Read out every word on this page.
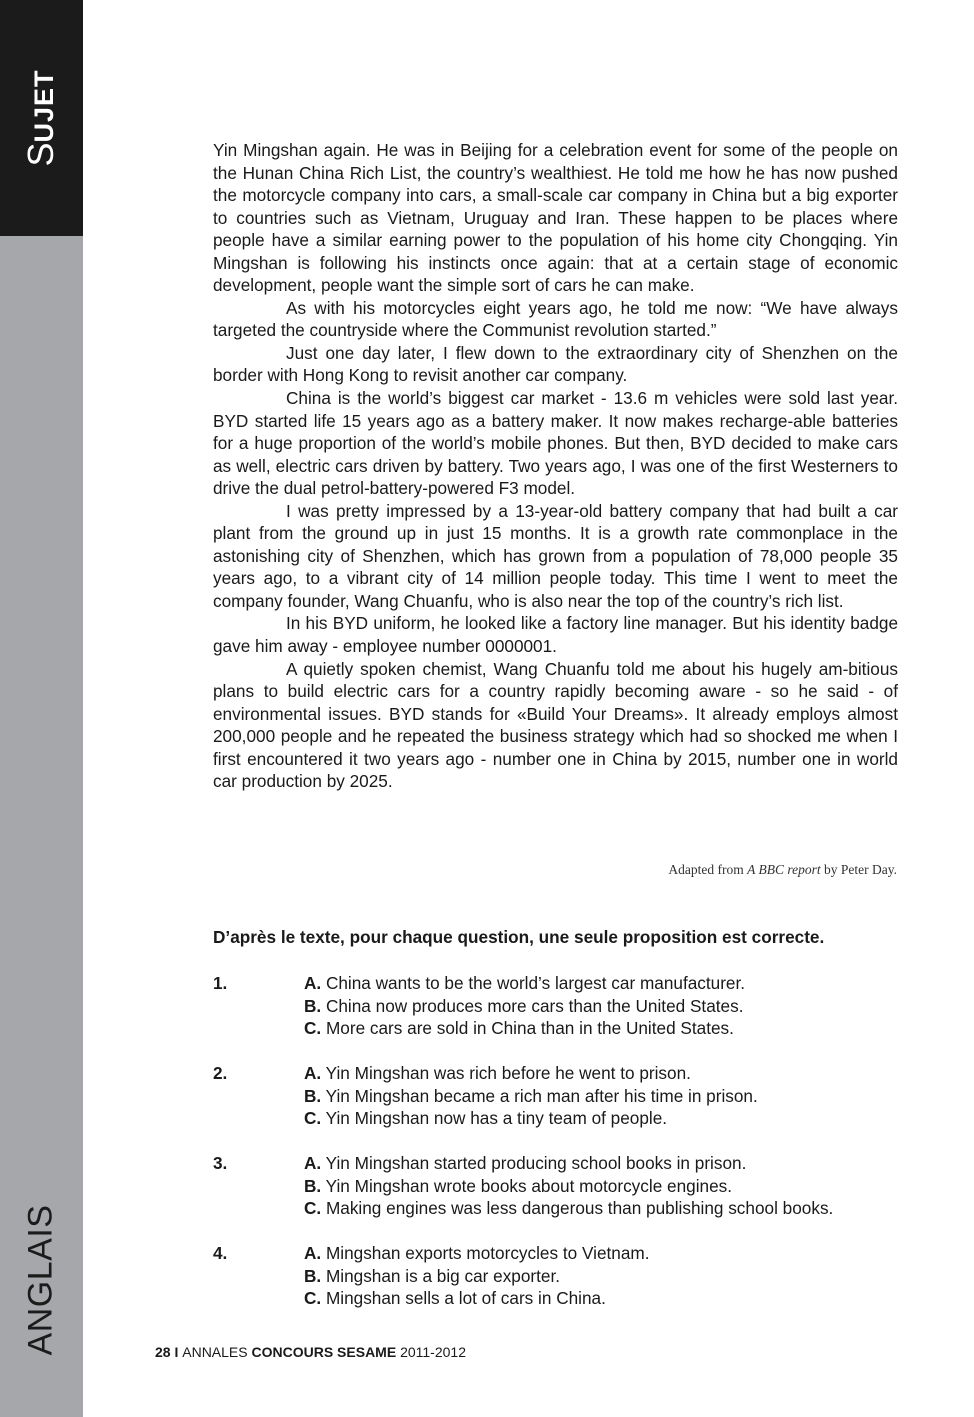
SUJET
ANGLAIS

Yin Mingshan again. He was in Beijing for a celebration event for some of the people on the Hunan China Rich List, the country’s wealthiest. He told me how he has now pushed the motorcycle company into cars, a small-scale car company in China but a big exporter to countries such as Vietnam, Uruguay and Iran. These happen to be places where people have a similar earning power to the population of his home city Chongqing. Yin Mingshan is following his instincts once again: that at a certain stage of economic development, people want the simple sort of cars he can make.

As with his motorcycles eight years ago, he told me now: “We have always targeted the countryside where the Communist revolution started.”

Just one day later, I flew down to the extraordinary city of Shenzhen on the border with Hong Kong to revisit another car company.

China is the world’s biggest car market - 13.6 m vehicles were sold last year. BYD started life 15 years ago as a battery maker. It now makes recharge-able batteries for a huge proportion of the world’s mobile phones. But then, BYD decided to make cars as well, electric cars driven by battery. Two years ago, I was one of the first Westerners to drive the dual petrol-battery-powered F3 model.

I was pretty impressed by a 13-year-old battery company that had built a car plant from the ground up in just 15 months. It is a growth rate commonplace in the astonishing city of Shenzhen, which has grown from a population of 78,000 people 35 years ago, to a vibrant city of 14 million people today. This time I went to meet the company founder, Wang Chuanfu, who is also near the top of the country’s rich list.

In his BYD uniform, he looked like a factory line manager. But his identity badge gave him away - employee number 0000001.

A quietly spoken chemist, Wang Chuanfu told me about his hugely am-bitious plans to build electric cars for a country rapidly becoming aware - so he said - of environmental issues. BYD stands for «Build Your Dreams». It already employs almost 200,000 people and he repeated the business strategy which had so shocked me when I first encountered it two years ago - number one in China by 2015, number one in world car production by 2025.

Adapted from A BBC report by Peter Day.
D’après le texte, pour chaque question, une seule proposition est correcte.
1.	A. China wants to be the world’s largest car manufacturer.
B. China now produces more cars than the United States.
C. More cars are sold in China than in the United States.
2.	A. Yin Mingshan was rich before he went to prison.
B. Yin Mingshan became a rich man after his time in prison.
C. Yin Mingshan now has a tiny team of people.
3.	A. Yin Mingshan started producing school books in prison.
B. Yin Mingshan wrote books about motorcycle engines.
C. Making engines was less dangerous than publishing school books.
4.	A. Mingshan exports motorcycles to Vietnam.
B. Mingshan is a big car exporter.
C. Mingshan sells a lot of cars in China.
28 I ANNALES CONCOURS SESAME 2011-2012
